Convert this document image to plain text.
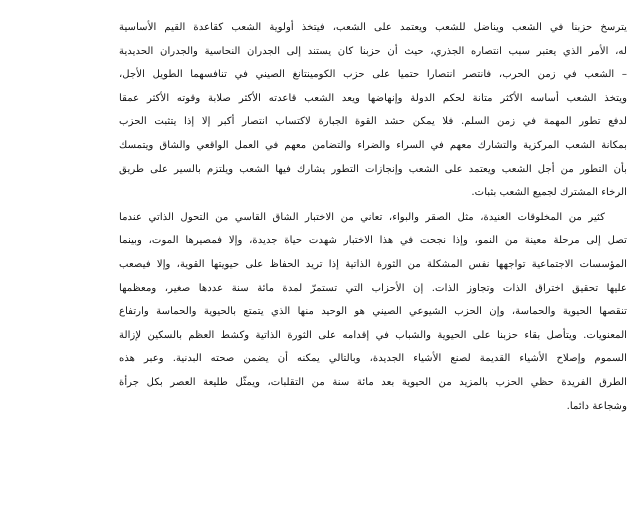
يترسخ حزبنا في الشعب ويناضل للشعب ويعتمد على الشعب، فيتخذ أولوية الشعب كقاعدة القيم الأساسية
له، الأمر الذي يعتبر سبب انتصاره الجذري، حيث أن حزبنا كان يستند إلى الجدران النحاسية والجدران الحديدية
– الشعب في زمن الحرب، فانتصر انتصارا حتميا على حزب الكومينتانغ الصيني في تنافسهما الطويل الأجل،
ويتخذ الشعب أساسه الأكثر متانة لحكم الدولة وإنهاضها ويعد الشعب قاعدته الأكثر صلابة وقوته الأكثر عمقا
لدفع تطور المهمة في زمن السلم. فلا يمكن حشد القوة الجبارة لاكتساب انتصار أكبر إلا إذا يتثبت الحزب
بمكانة الشعب المركزية والتشارك معهم في السراء والضراء والتضامن معهم في العمل الواقعي والشاق ويتمسك
بأن التطور من أجل الشعب ويعتمد على الشعب وإنجازات التطور يشارك فيها الشعب ويلتزم بالسير على طريق
الرخاء المشترك لجميع الشعب بثبات.

كثير من المخلوقات العنيدة، مثل الصقر والبواء، تعاني من الاختبار الشاق القاسي من التحول الذاتي عندما
تصل إلى مرحلة معينة من النمو، وإذا نجحت في هذا الاختبار شهدت حياة جديدة، وإلا فمصيرها الموت، وبينما
المؤسسات الاجتماعية تواجهها نفس المشكلة من الثورة الذاتية إذا تريد الحفاظ على حيويتها القوية، وإلا فيصعب
عليها تحقيق اختراق الذات وتجاوز الذات. إن الأحزاب التي تستمرّ لمدة مائة سنة عددها صغير، ومعظمها
تنقصها الحيوية والحماسة، وإن الحزب الشيوعي الصيني هو الوحيد منها الذي يتمتع بالحيوية والحماسة وارتفاع
المعنويات. ويتأصل بقاء حزبنا على الحيوية والشباب في إقدامه على الثورة الذاتية وكشط العظم بالسكين لإزالة
السموم وإصلاح الأشياء القديمة لصنع الأشياء الجديدة، وبالتالي يمكنه أن يضمن صحته البدنية. وعبر هذه
الطرق الفريدة حظي الحزب بالمزيد من الحيوية بعد مائة سنة من التقلبات، ويمثّل طليعة العصر بكل جرأة
وشجاعة دائما.
